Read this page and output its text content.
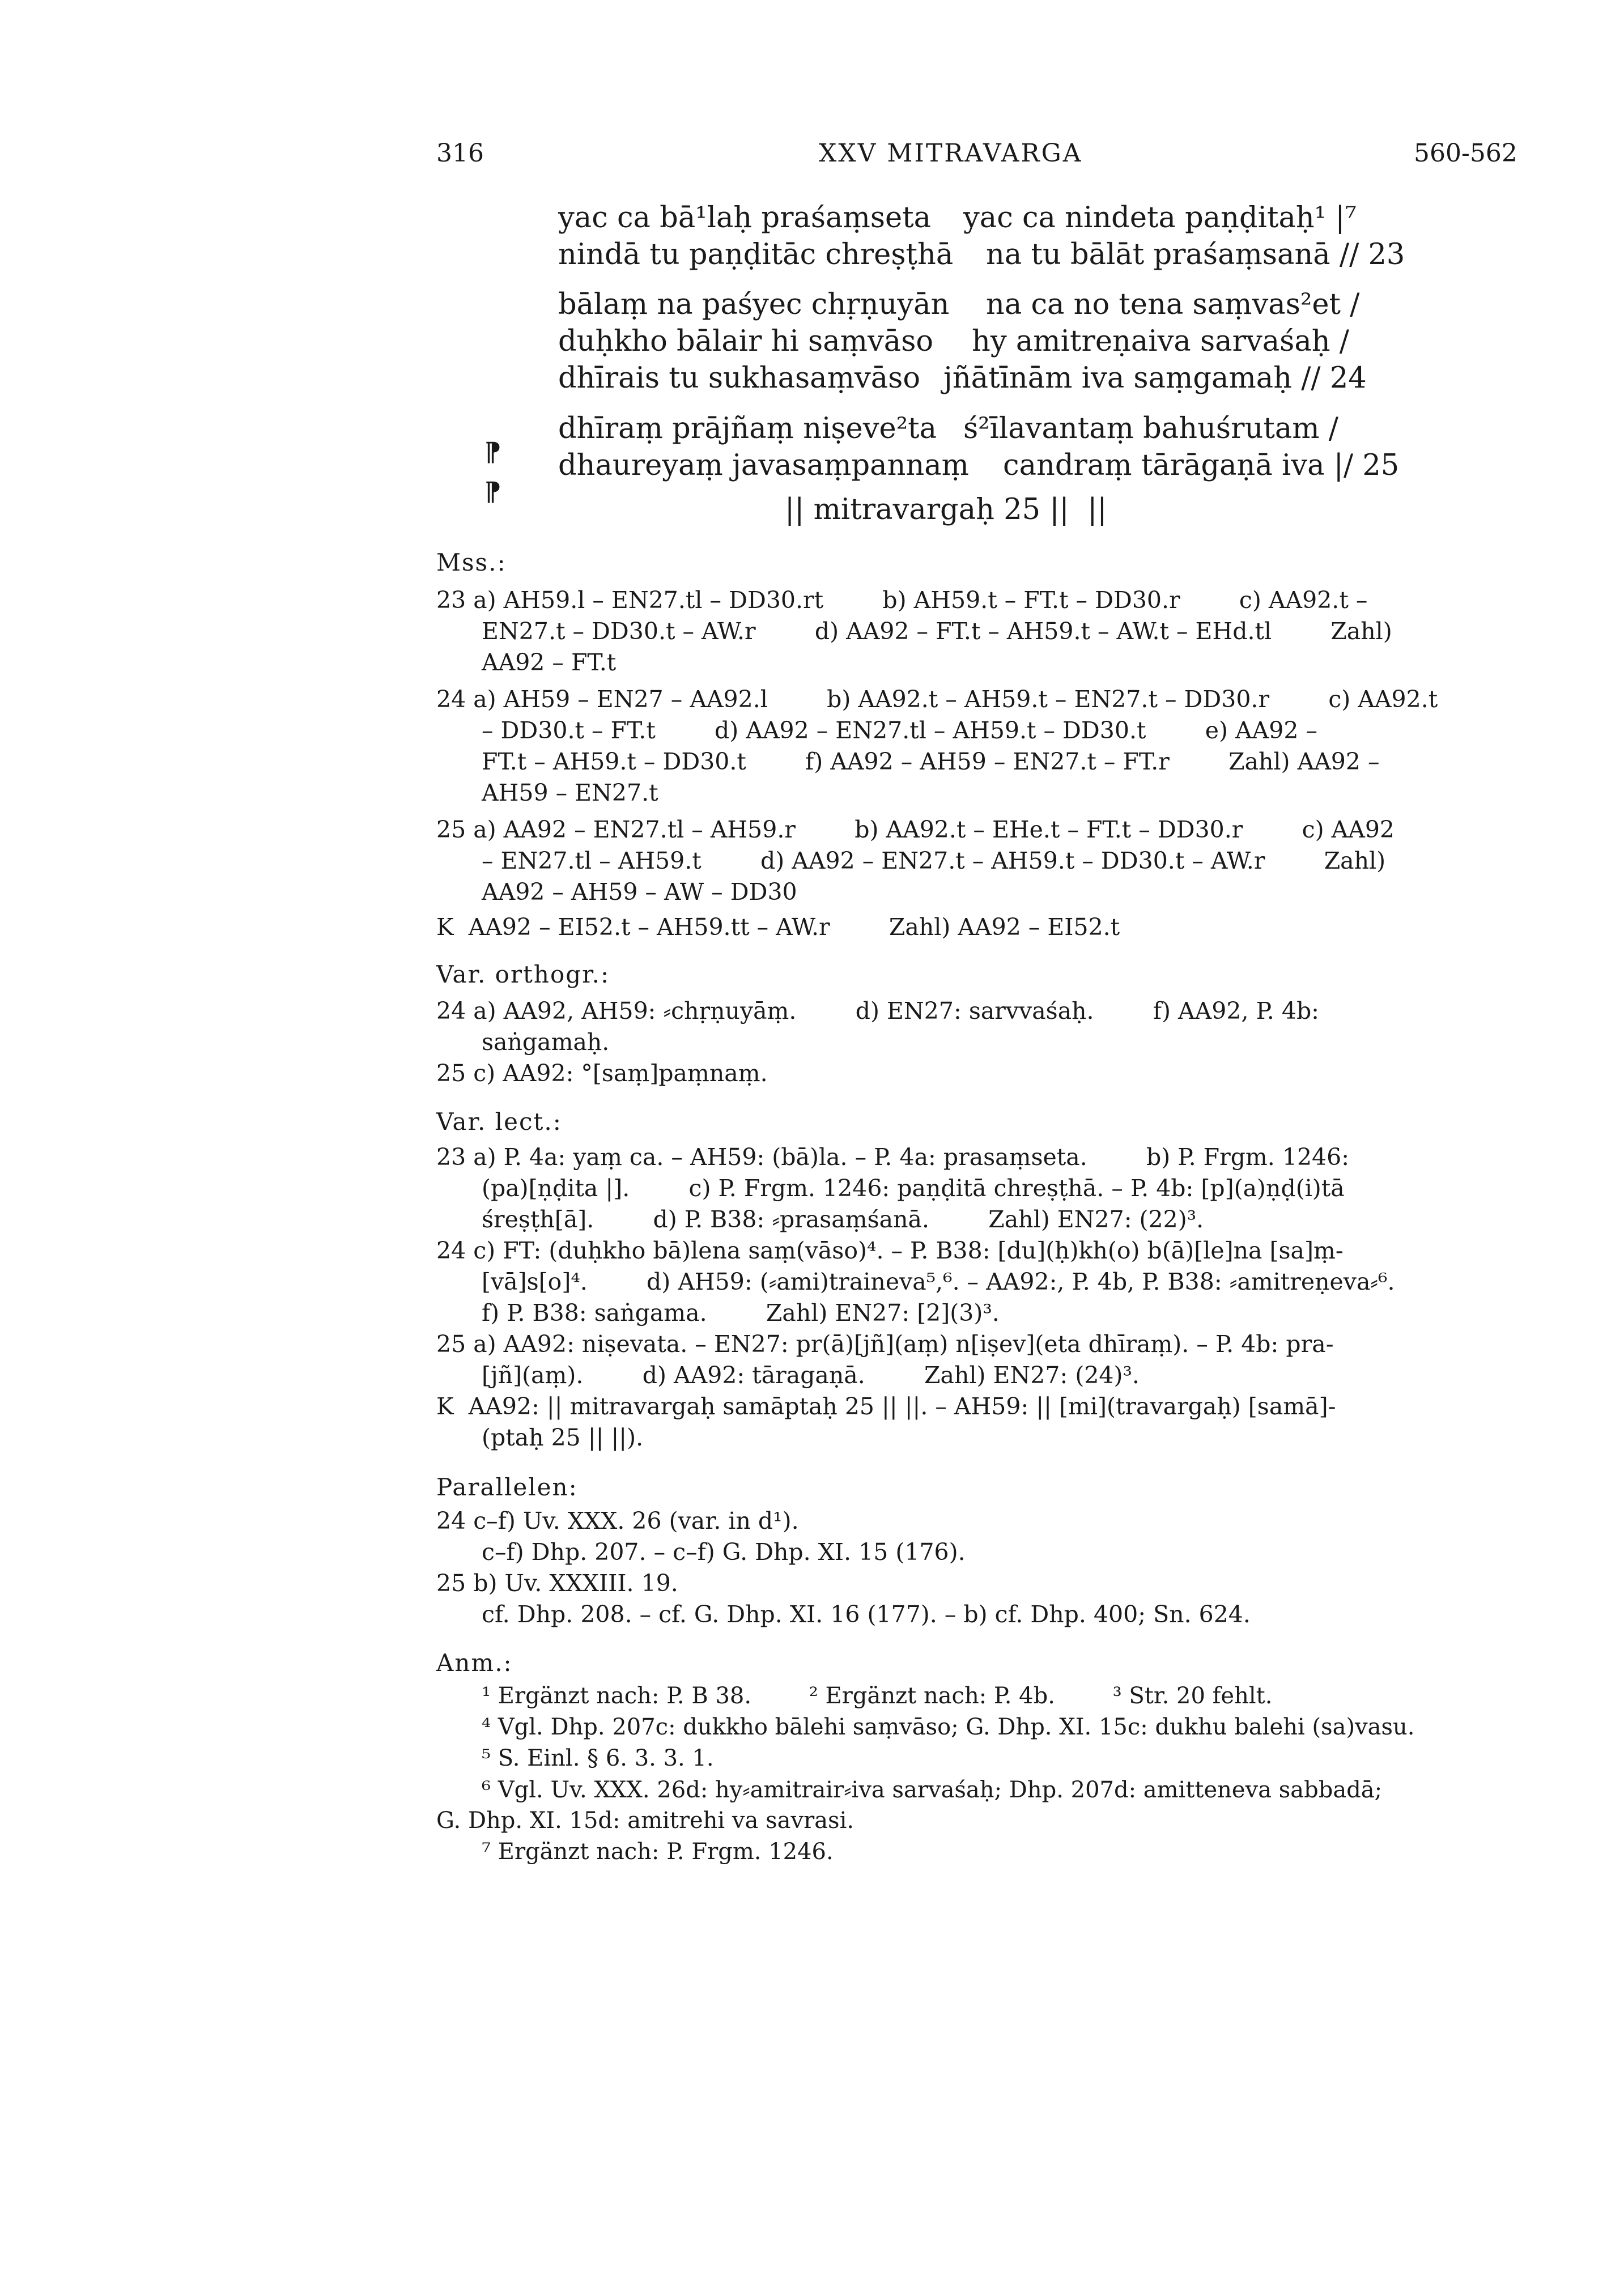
316	XXV MITRAVARGA	560-562
yac ca bā¹laḥ praśaṃseta yac ca nindeta paṇḍitaḥ¹ |⁷
nindā tu paṇḍitāc chreṣṭhā na tu bālāt praśaṃsanā // 23
bālaṃ na paśyec chṛṇuyān na ca no tena saṃvas²et /
duḥkho bālair hi saṃvāso hy amitreṇaiva sarvaśaḥ /
dhīrais tu sukhasaṃvāso jñātīnām iva saṃgamaḥ // 24
dhīraṃ prājñaṃ niṣeve²ta ś²īlavantaṃ bahuśrutam /
dhaureyaṃ javasaṃpannaṃ candraṃ tārāgaṇā iva |/ 25
⁋
⁋
|| mitravargaḥ 25 ||  ||
Mss.:
23 a) AH59.l – EN27.tl – DD30.rt        b) AH59.t – FT.t – DD30.r        c) AA92.t –
EN27.t – DD30.t – AW.r        d) AA92 – FT.t – AH59.t – AW.t – EHd.tl        Zahl)
AA92 – FT.t
24 a) AH59 – EN27 – AA92.l        b) AA92.t – AH59.t – EN27.t – DD30.r        c) AA92.t
– DD30.t – FT.t        d) AA92 – EN27.tl – AH59.t – DD30.t        e) AA92 –
FT.t – AH59.t – DD30.t        f) AA92 – AH59 – EN27.t – FT.r        Zahl) AA92 –
AH59 – EN27.t
25 a) AA92 – EN27.tl – AH59.r        b) AA92.t – EHe.t – FT.t – DD30.r        c) AA92
– EN27.tl – AH59.t        d) AA92 – EN27.t – AH59.t – DD30.t – AW.r        Zahl)
AA92 – AH59 – AW – DD30
K  AA92 – EI52.t – AH59.tt – AW.r        Zahl) AA92 – EI52.t
Var. orthogr.:
24 a) AA92, AH59: ⸗chṛṇuyāṃ.        d) EN27: sarvvaśaḥ.        f) AA92, P. 4b:
saṅgamaḥ.
25 c) AA92: °[saṃ]paṃnaṃ.
Var. lect.:
23 a) P. 4a: yaṃ ca. – AH59: (bā)la. – P. 4a: prasaṃseta.        b) P. Frgm. 1246:
(pa)[ṇḍita |].        c) P. Frgm. 1246: paṇḍitā chreṣṭhā. – P. 4b: [p](a)ṇḍ(i)tā
śreṣṭh[ā].        d) P. B38: ⸗prasaṃśanā.        Zahl) EN27: (22)³.
24 c) FT: (duḥkho bā)lena saṃ(vāso)⁴. – P. B38: [du](ḥ)kh(o) b(ā)[le]na [sa]ṃ-
[vā]s[o]⁴.        d) AH59: (⸗ami)traineva⁵,⁶. – AA92:, P. 4b, P. B38: ⸗amitreṇeva⸗⁶.
f) P. B38: saṅgama.        Zahl) EN27: [2](3)³.
25 a) AA92: niṣevata. – EN27: pr(ā)[jñ](aṃ) n[iṣev](eta dhīraṃ). – P. 4b: pra-
[jñ](aṃ).        d) AA92: tāragaṇā.        Zahl) EN27: (24)³.
K  AA92: || mitravargaḥ samāptaḥ 25 || ||. – AH59: || [mi](travargaḥ) [samā]-
(ptaḥ 25 || ||).
Parallelen:
24 c–f) Uv. XXX. 26 (var. in d¹).
c–f) Dhp. 207. – c–f) G. Dhp. XI. 15 (176).
25 b) Uv. XXXIII. 19.
cf. Dhp. 208. – cf. G. Dhp. XI. 16 (177). – b) cf. Dhp. 400; Sn. 624.
Anm.:
¹ Ergänzt nach: P. B 38.        ² Ergänzt nach: P. 4b.        ³ Str. 20 fehlt.
⁴ Vgl. Dhp. 207c: dukkho bālehi saṃvāso; G. Dhp. XI. 15c: dukhu balehi (sa)vasu.
⁵ S. Einl. § 6. 3. 3. 1.
⁶ Vgl. Uv. XXX. 26d: hy⸗amitrair⸗iva sarvaśaḥ; Dhp. 207d: amitteneva sabbadā;
G. Dhp. XI. 15d: amitrehi va savrasi.
⁷ Ergänzt nach: P. Frgm. 1246.
